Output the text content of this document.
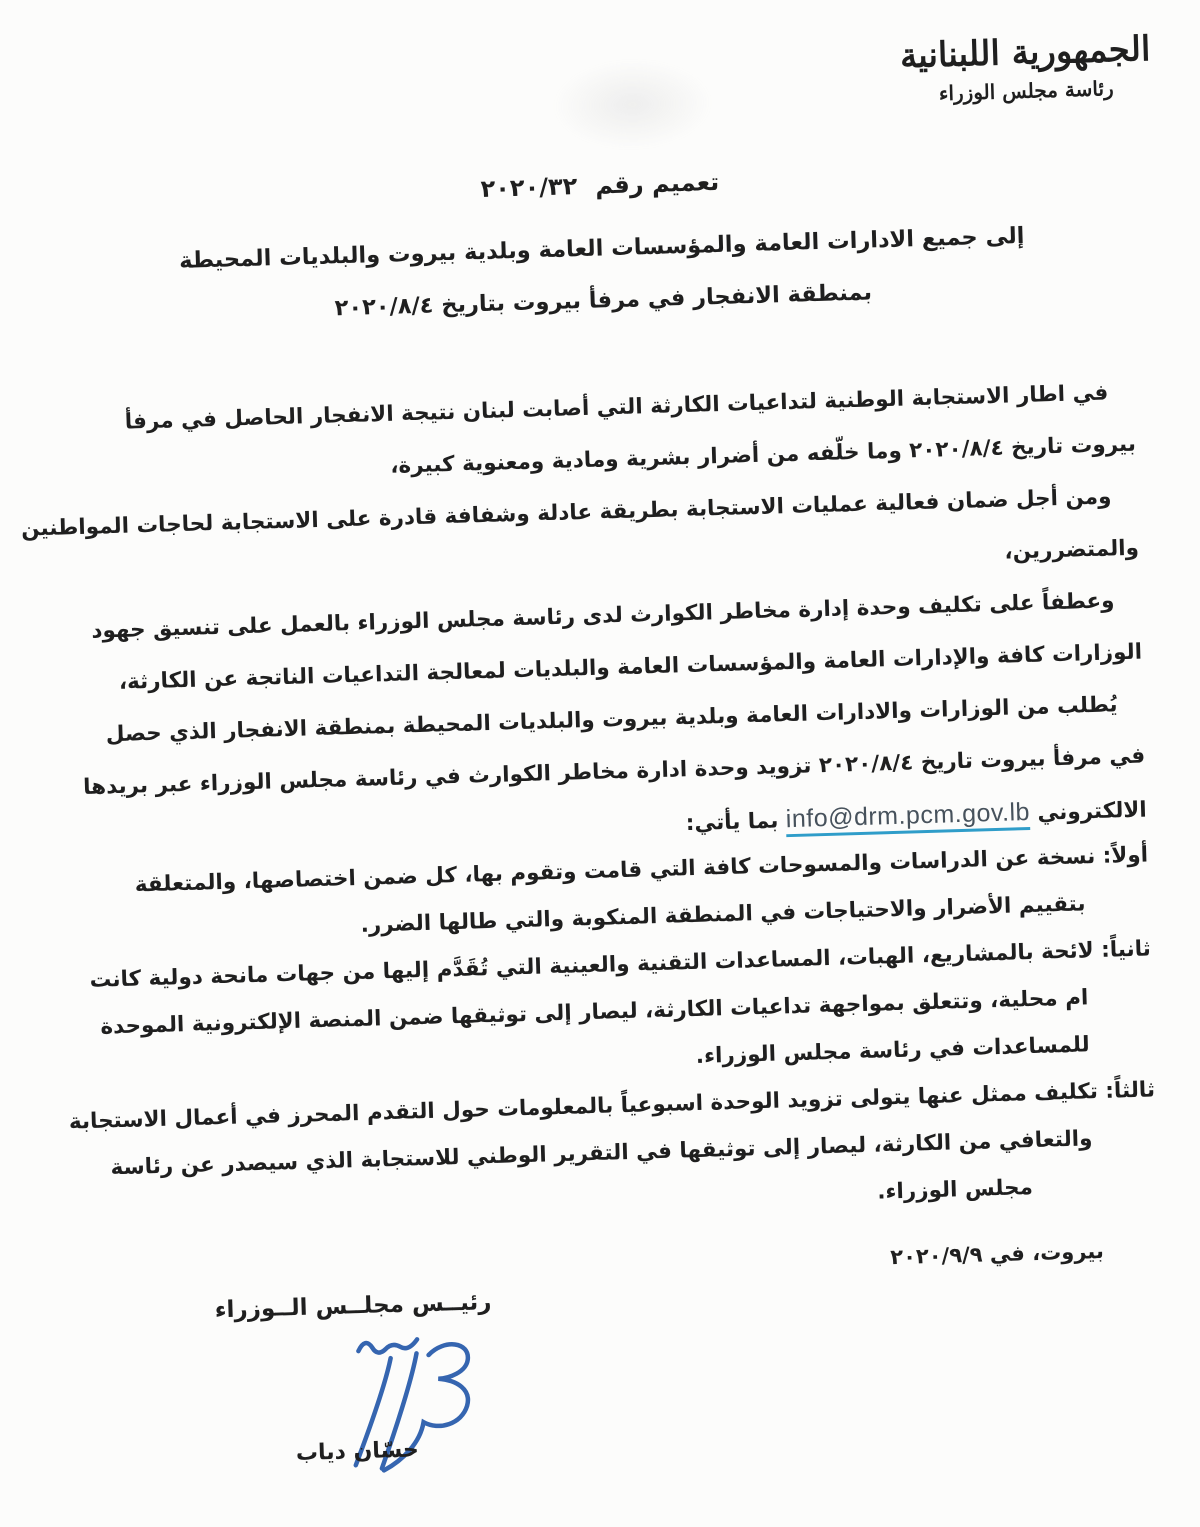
الجمهورية اللبنانية
رئاسة مجلس الوزراء
تعميم رقم٢٠٢٠/٣٢
إلى جميع الادارات العامة والمؤسسات العامة وبلدية بيروت والبلديات المحيطة
بمنطقة الانفجار في مرفأ بيروت بتاريخ ٢٠٢٠/٨/٤
في اطار الاستجابة الوطنية لتداعيات الكارثة التي أصابت لبنان نتيجة الانفجار الحاصل في مرفأ
بيروت تاريخ ٢٠٢٠/٨/٤ وما خلّفه من أضرار بشرية ومادية ومعنوية كبيرة،
ومن أجل ضمان فعالية عمليات الاستجابة بطريقة عادلة وشفافة قادرة على الاستجابة لحاجات المواطنين
والمتضررين،
وعطفاً على تكليف وحدة إدارة مخاطر الكوارث لدى رئاسة مجلس الوزراء بالعمل على تنسيق جهود
الوزارات كافة والإدارات العامة والمؤسسات العامة والبلديات لمعالجة التداعيات الناتجة عن الكارثة،
يُطلب من الوزارات والادارات العامة وبلدية بيروت والبلديات المحيطة بمنطقة الانفجار الذي حصل
في مرفأ بيروت تاريخ ٢٠٢٠/٨/٤ تزويد وحدة ادارة مخاطر الكوارث في رئاسة مجلس الوزراء عبر بريدها
الالكتروني info@drm.pcm.gov.lb بما يأتي:
أولاً: نسخة عن الدراسات والمسوحات كافة التي قامت وتقوم بها، كل ضمن اختصاصها، والمتعلقة
بتقييم الأضرار والاحتياجات في المنطقة المنكوبة والتي طالها الضرر.
ثانياً: لائحة بالمشاريع، الهبات، المساعدات التقنية والعينية التي تُقَدَّم إليها من جهات مانحة دولية كانت
ام محلية، وتتعلق بمواجهة تداعيات الكارثة، ليصار إلى توثيقها ضمن المنصة الإلكترونية الموحدة
للمساعدات في رئاسة مجلس الوزراء.
ثالثاً: تكليف ممثل عنها يتولى تزويد الوحدة اسبوعياً بالمعلومات حول التقدم المحرز في أعمال الاستجابة
والتعافي من الكارثة، ليصار إلى توثيقها في التقرير الوطني للاستجابة الذي سيصدر عن رئاسة
مجلس الوزراء.
بيروت، في ٢٠٢٠/٩/٩
رئيــس مجلــس الــوزراء
حسّان دياب
